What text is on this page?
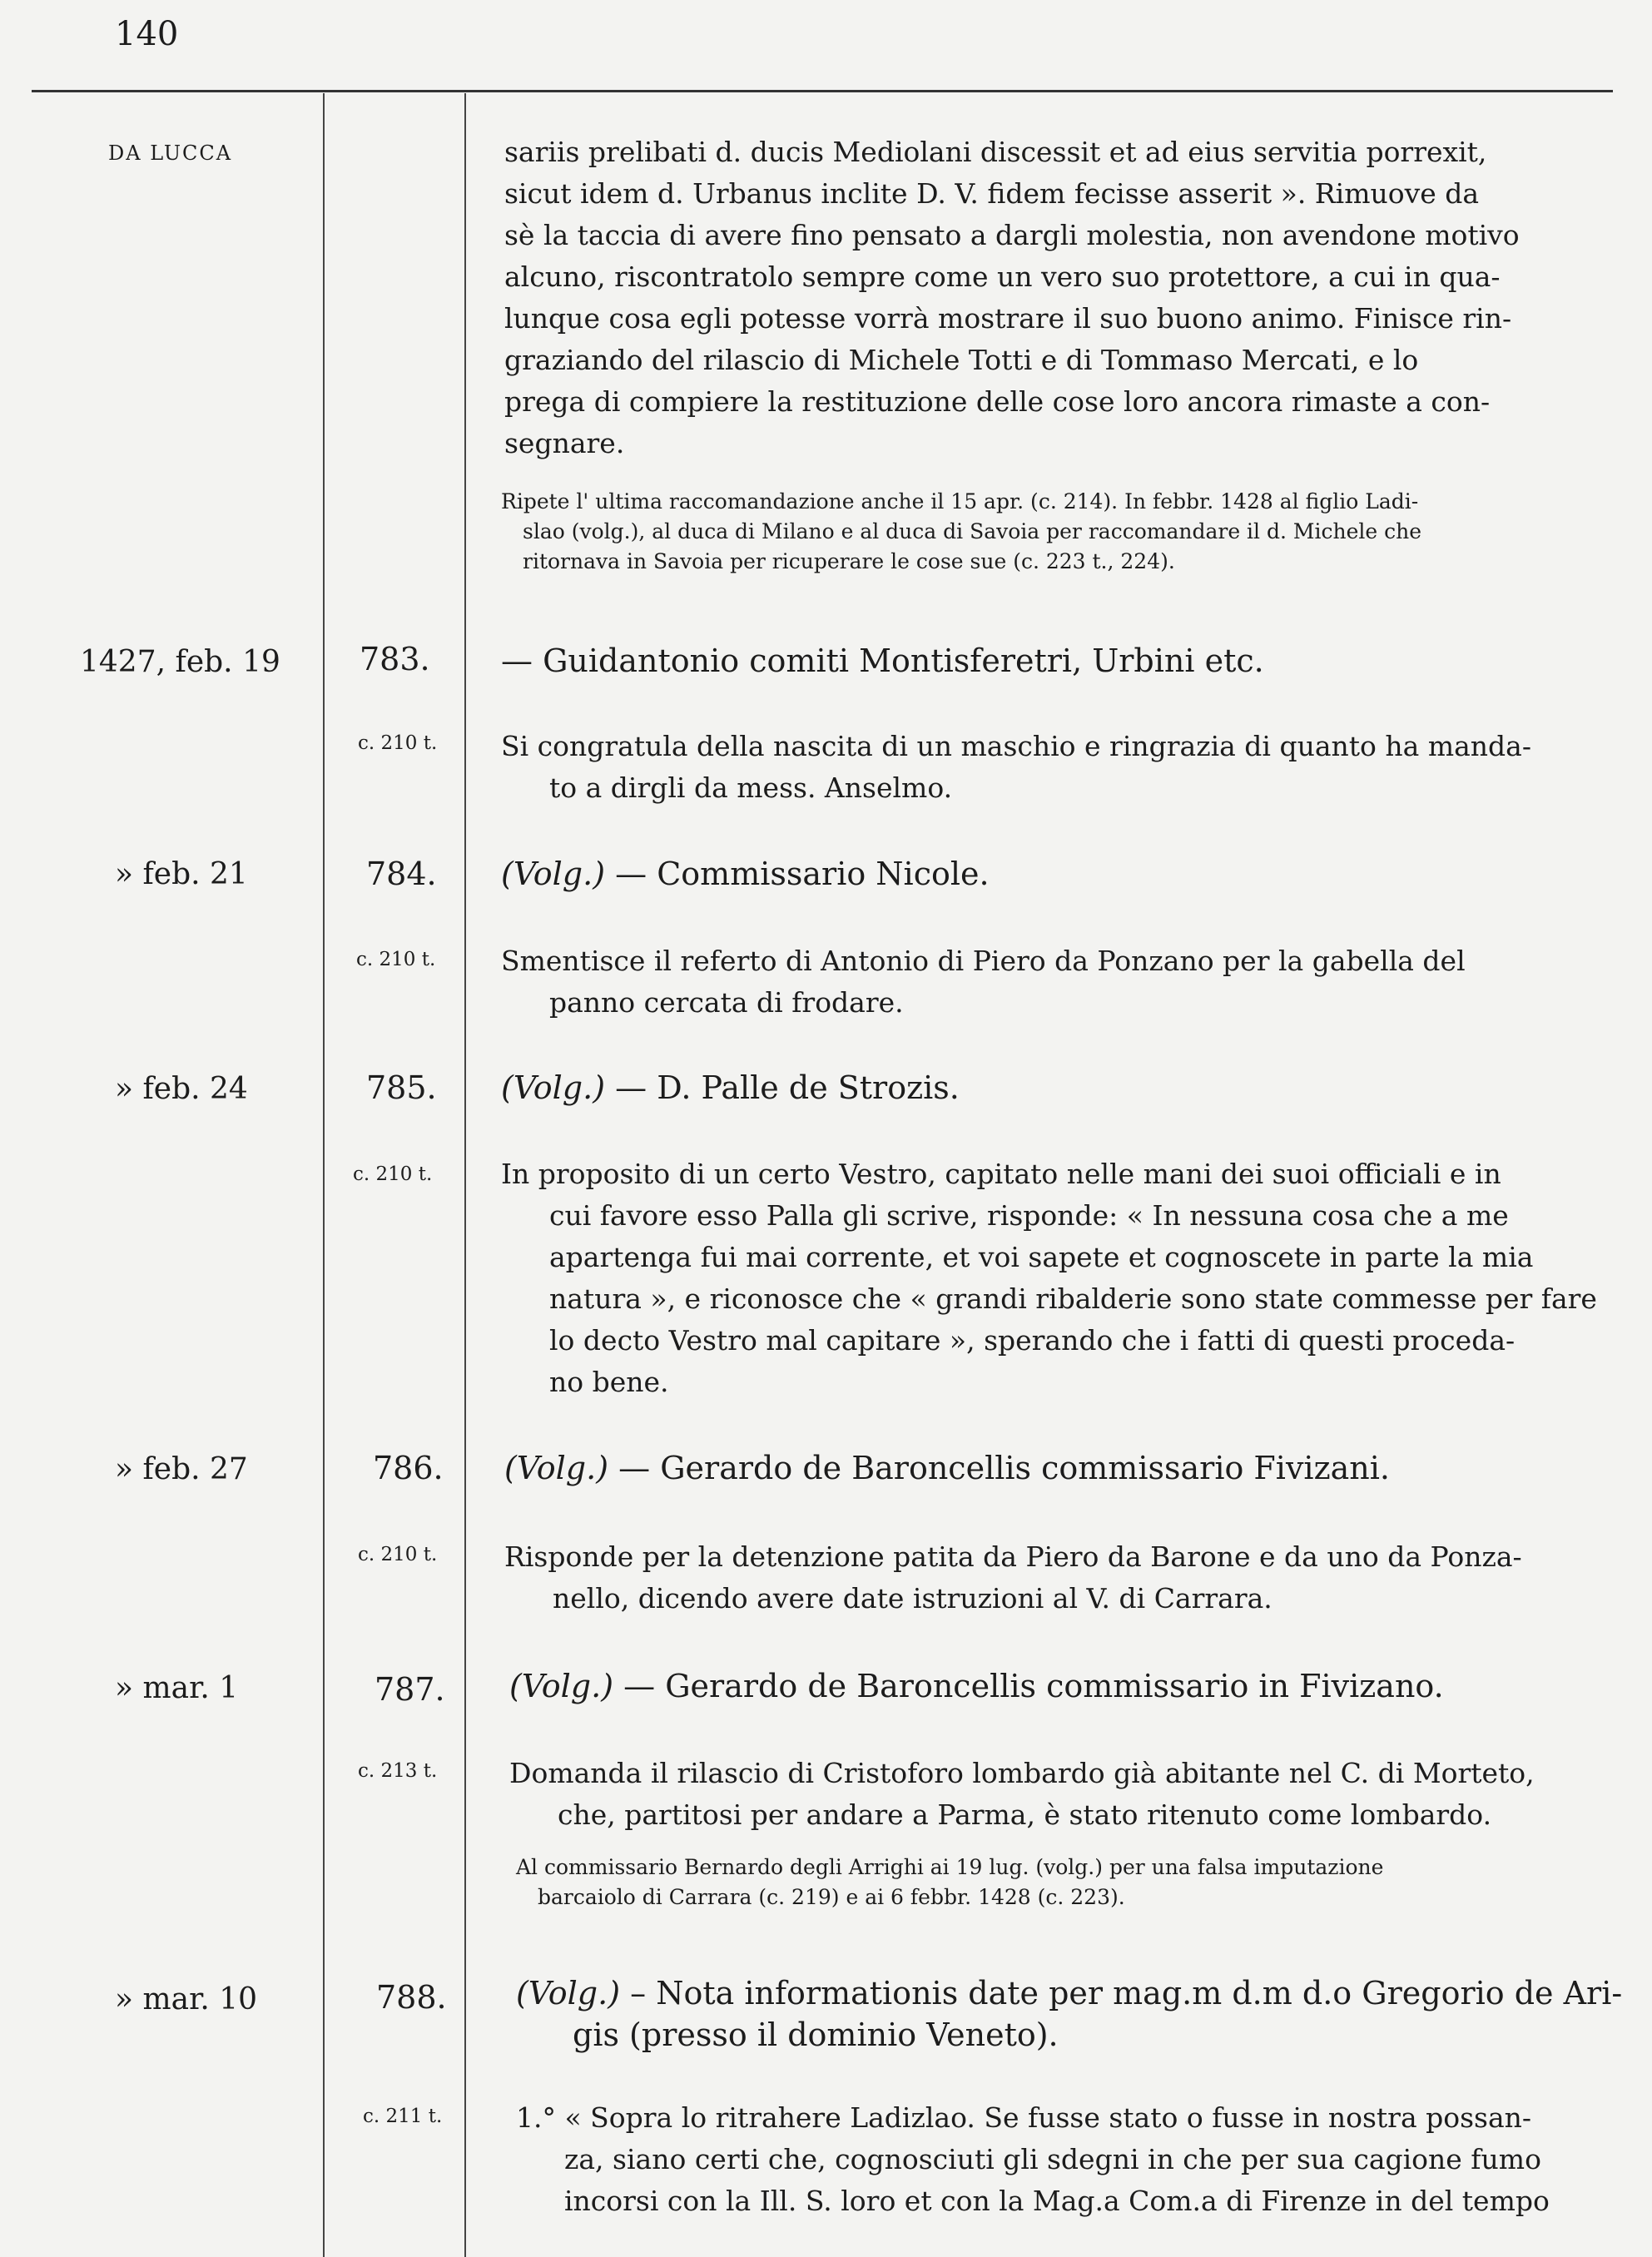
140
DA LUCCA	sariis prelibati d. ducis Mediolani discessit et ad eius servitia porrexit,
sicut idem d. Urbanus inclite D. V. fidem fecisse asserit ». Rimuove da
sè la taccia di avere fino pensato a dargli molestia, non avendone motivo
alcuno, riscontratolo sempre come un vero suo protettore, a cui in qua-
lunque cosa egli potesse vorrà mostrare il suo buono animo. Finisce rin-
graziando del rilascio di Michele Totti e di Tommaso Mercati, e lo
prega di compiere la restituzione delle cose loro ancora rimaste a con-
segnare.
Ripete l' ultima raccomandazione anche il 15 apr. (c. 214). In febbr. 1428 al figlio Ladi-
slao (volg.), al duca di Milano e al duca di Savoia per raccomandare il d. Michele che
ritornava in Savoia per ricuperare le cose sue (c. 223 t., 224).
1427, feb. 19	783. — Guidantonio comiti Montisferetri, Urbini etc.
c. 210 t. Si congratula della nascita di un maschio e ringrazia di quanto ha manda-
to a dirgli da mess. Anselmo.
» feb. 21	784. (Volg.) — Commissario Nicole.
c. 210 t. Smentisce il referto di Antonio di Piero da Ponzano per la gabella del
panno cercata di frodare.
» feb. 24	785. (Volg.) — D. Palle de Strozis.
c. 210 t.	In proposito di un certo Vestro, capitato nelle mani dei suoi officiali e in
cui favore esso Palla gli scrive, risponde: « In nessuna cosa che a me
apartenga fui mai corrente, et voi sapete et cognoscete in parte la mia
natura », e riconosce che « grandi ribalderie sono state commesse per fare
lo decto Vestro mal capitare », sperando che i fatti di questi proceda-
no bene.
» feb. 27	786. (Volg.) — Gerardo de Baroncellis commissario Fivizani.
c. 210 t. Risponde per la detenzione patita da Piero da Barone e da uno da Ponza-
nello, dicendo avere date istruzioni al V. di Carrara.
» mar. 1	787. (Volg.) — Gerardo de Baroncellis commissario in Fivizano.
c. 213 t.	Domanda il rilascio di Cristoforo lombardo già abitante nel C. di Morteto,
che, partitosi per andare a Parma, è stato ritenuto come lombardo.
Al commissario Bernardo degli Arrighi ai 19 lug. (volg.) per una falsa imputazione
barcaiolo di Carrara (c. 219) e ai 6 febbr. 1428 (c. 223).
» mar. 10	788. (Volg.) – Nota informationis date per mag.m d.m d.o Gregorio de Ari-
gis (presso il dominio Veneto).
c. 211 t.	1.° « Sopra lo ritrahere Ladizlao. Se fusse stato o fusse in nostra possan-
za, siano certi che, cognosciuti gli sdegni in che per sua cagione fumo
incorsi con la Ill. S. loro et con la Mag.a Com.a di Firenze in del tempo
